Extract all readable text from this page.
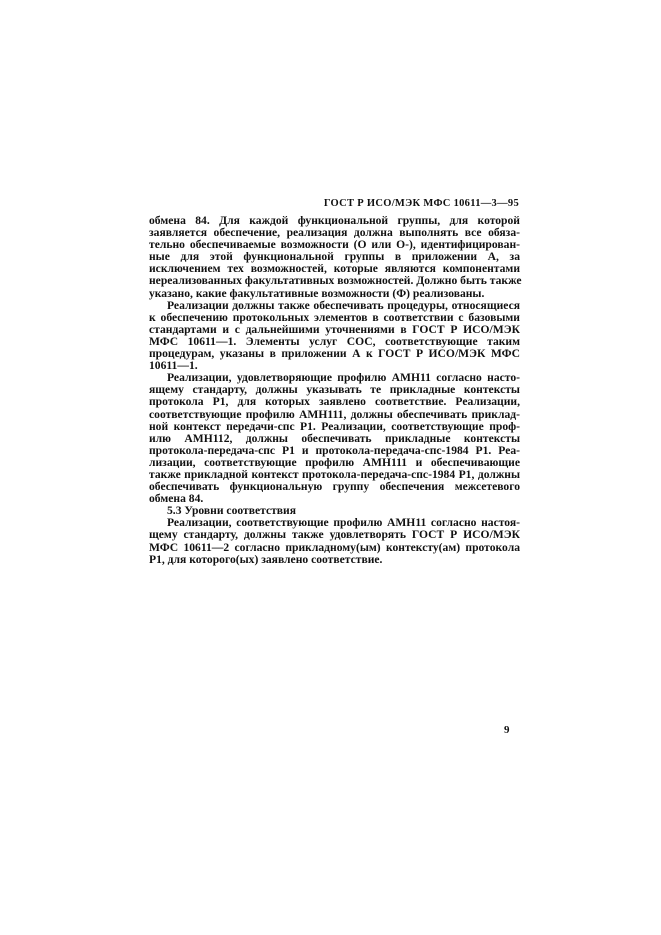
ГОСТ Р ИСО/МЭК МФС 10611—3—95
обмена 84. Для каждой функциональной группы, для которой
заявляется обеспечение, реализация должна выполнять все обяза-
тельно обеспечиваемые возможности (О или О-), идентифицирован-
ные для этой функциональной группы в приложении А, за
исключением тех возможностей, которые являются компонентами
нереализованных факультативных возможностей. Должно быть также
указано, какие факультативные возможности (Ф) реализованы.
Реализации должны также обеспечивать процедуры, относящиеся
к обеспечению протокольных элементов в соответствии с базовыми
стандартами и с дальнейшими уточнениями в ГОСТ Р ИСО/МЭК
МФС 10611—1. Элементы услуг СОС, соответствующие таким
процедурам, указаны в приложении А к ГОСТ Р ИСО/МЭК МФС
10611—1.
Реализации, удовлетворяющие профилю АМН11 согласно насто-
ящему стандарту, должны указывать те прикладные контексты
протокола Р1, для которых заявлено соответствие. Реализации,
соответствующие профилю АМН111, должны обеспечивать приклад-
ной контекст передачи-спс Р1. Реализации, соответствующие проф-
илю АМН112, должны обеспечивать прикладные контексты
протокола-передача-спс Р1 и протокола-передача-спс-1984 Р1. Реа-
лизации, соответствующие профилю АМН111 и обеспечивающие
также прикладной контекст протокола-передача-спс-1984 Р1, должны
обеспечивать функциональную группу обеспечения межсетевого
обмена 84.
5.3 Уровни соответствия
Реализации, соответствующие профилю АМН11 согласно настоя-
щему стандарту, должны также удовлетворять ГОСТ Р ИСО/МЭК
МФС 10611—2 согласно прикладному(ым) контексту(ам) протокола
Р1, для которого(ых) заявлено соответствие.
9
